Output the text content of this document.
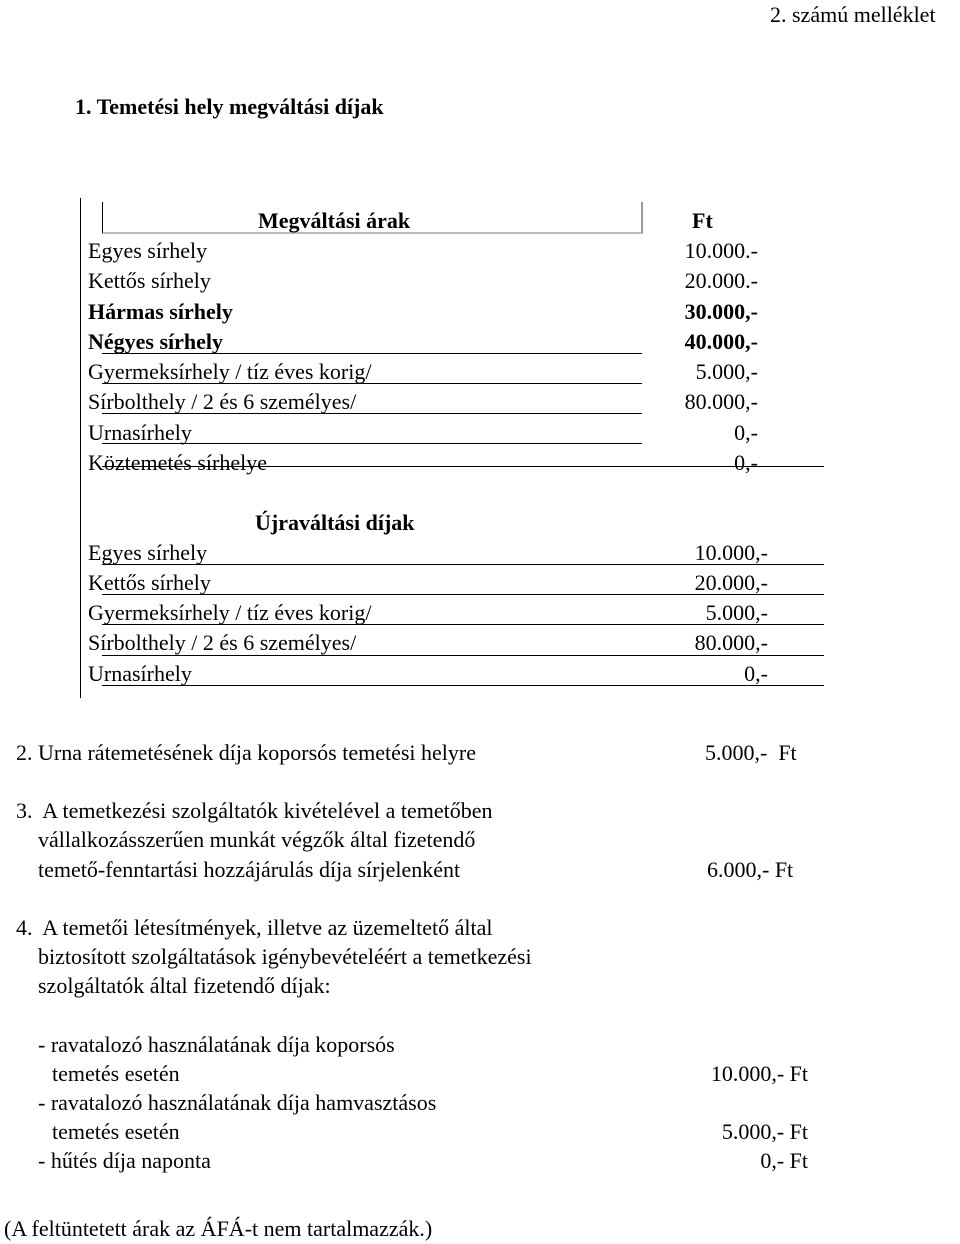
2. számú melléklet
1. Temetési hely megváltási díjak
Megváltási árak	Ft
Egyes sírhely	10.000.-
Kettős sírhely	20.000.-
Hármas sírhely	30.000,-
Négyes sírhely	40.000,-
Gyermeksírhely / tíz éves korig/	5.000,-
Sírbolthely / 2 és 6 személyes/	80.000,-
Urnasírhely	0,-
Köztemetés sírhelye	0,-
Újraváltási díjak
Egyes sírhely	10.000,-
Kettős sírhely	20.000,-
Gyermeksírhely / tíz éves korig/	5.000,-
Sírbolthely / 2 és 6 személyes/	80.000,-
Urnasírhely	0,-
2. Urna rátemetésének díja koporsós temetési helyre	5.000,-  Ft
3.  A temetkezési szolgáltatók kivételével a temetőben
vállalkozásszerűen munkát végzők által fizetendő
temető-fenntartási hozzájárulás díja sírjelenként	6.000,- Ft
4.  A temetői létesítmények, illetve az üzemeltető által
biztosított szolgáltatások igénybevételéért a temetkezési
szolgáltatók által fizetendő díjak:
- ravatalozó használatának díja koporsós
temetés esetén	10.000,- Ft
- ravatalozó használatának díja hamvasztásos
temetés esetén	5.000,- Ft
- hűtés díja naponta	0,- Ft
(A feltüntetett árak az ÁFÁ-t nem tartalmazzák.)
